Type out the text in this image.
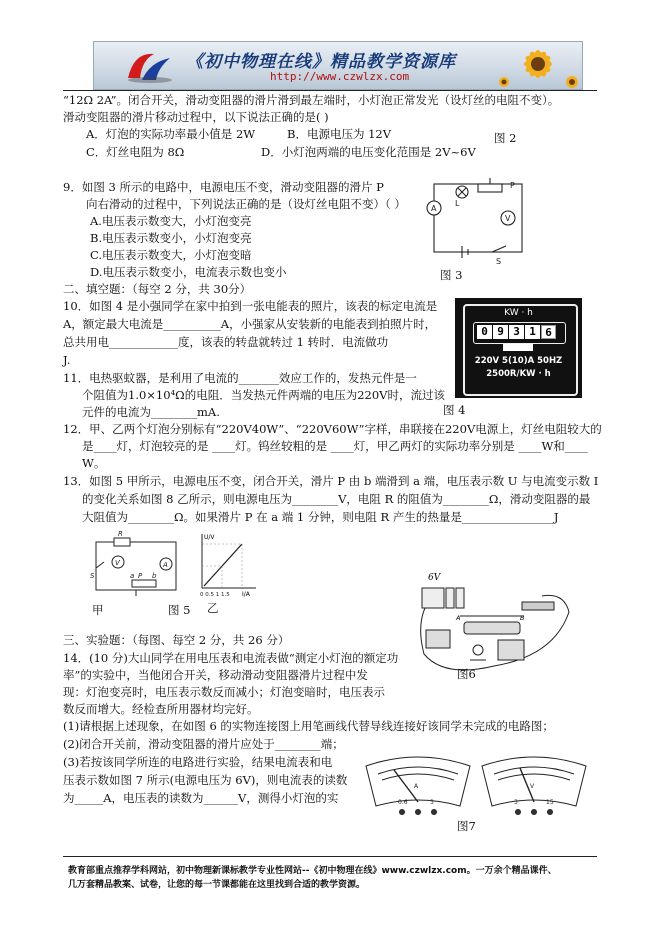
《初中物理在线》精品教学资源库
http://www.czwlzx.com
“12Ω 2A”。闭合开关，滑动变阻器的滑片滑到最左端时，小灯泡正常发光（设灯丝的电阻不变）。
滑动变阻器的滑片移动过程中，以下说法正确的是( )
A．灯泡的实际功率最小值是 2W	B．电源电压为 12V	图 2
C．灯丝电阻为 8Ω	D．小灯泡两端的电压变化范围是 2V~6V
9．如图 3 所示的电路中，电源电压不变，滑动变阻器的滑片 P
向右滑动的过程中，下列说法正确的是（设灯丝电阻不变）（ ）
A.电压表示数变大，小灯泡变亮
B.电压表示数变小，小灯泡变亮
C.电压表示数变大，小灯泡变暗
D.电压表示数变小，电流表示数也变小
V
A
L
P
S
图 3
二、填空题：（每空 2 分，共 30分）
10．如图 4 是小强同学在家中拍到一张电能表的照片，该表的标定电流是
A，额定最大电流是__________A，小强家从安装新的电能表到拍照片时，
总共用电____________度，该表的转盘就转过 1 转时．电流做功
J.
KW · h
0 9 3 1 6
220V 5(10)A 50HZ
2500R/KW · h
11．电热驱蚊器，是利用了电流的_______效应工作的，发热元件是一
个阻值为1.0×10⁴Ω的电阻．当发热元件两端的电压为220V时，流过该
元件的电流为________mA.	图 4
12．甲、乙两个灯泡分别标有“220V40W”、“220V60W”字样，串联接在220V电源上，灯丝电阻较大的
是____灯，灯泡较亮的是 ____灯。钨丝较粗的是 ____灯，甲乙两灯的实际功率分别是 ____W和____
W。
13．如图 5 甲所示，电源电压不变，闭合开关，滑片 P 由 b 端滑到 a 端，电压表示数 U 与电流变示数 I
的变化关系如图 8 乙所示，则电源电压为________V，电阻 R 的阻值为________Ω，滑动变阻器的最
大阻值为________Ω。如果滑片 P 在 a 端 1 分钟，则电阻 R 产生的热量是________________J
R
V	A
S	a P b
甲	图 5
U/V
0 0.5 1 1.5 I/A
乙
6V
A	B
图6
三、实验题：（每图、每空 2 分，共 26 分）
14．(10 分)大山同学在用电压表和电流表做“测定小灯泡的额定功
率”的实验中，当他闭合开关，移动滑动变阻器滑片过程中发
现：灯泡变亮时，电压表示数反而减小；灯泡变暗时，电压表示
数反而增大。经检查所用器材均完好。
(1)请根据上述现象，在如图 6 的实物连接图上用笔画线代替导线连接好该同学未完成的电路图；
(2)闭合开关前，滑动变阻器的滑片应处于________端；
(3)若按该同学所连的电路进行实验，结果电流表和电
压表示数如图 7 所示(电源电压为 6V)，则电流表的读数
为_____A，电压表的读数为______V，测得小灯泡的实
A	V
0.6	3	3	15
图7
教育部重点推荐学科网站，初中物理新课标教学专业性网站--《初中物理在线》www.czwlzx.com。一万余个精品课件、
几万套精品教案、试卷，让您的每一节课都能在这里找到合适的教学资源。
